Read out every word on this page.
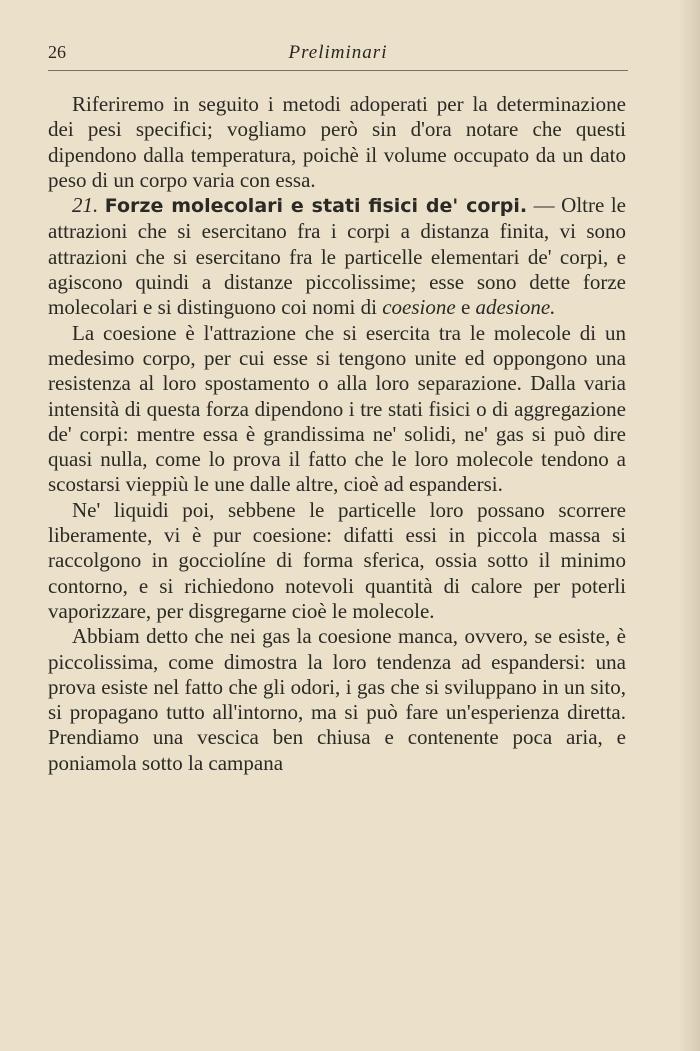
26	Preliminari

Riferiremo in seguito i metodi adoperati per la determinazione dei pesi specifici; vogliamo però sin d'ora notare che questi dipendono dalla temperatura, poichè il volume occupato da un dato peso di un corpo varia con essa.

21. Forze molecolari e stati fisici de' corpi. — Oltre le attrazioni che si esercitano fra i corpi a distanza finita, vi sono attrazioni che si esercitano fra le particelle elementari de' corpi, e agiscono quindi a distanze piccolissime; esse sono dette forze molecolari e si distinguono coi nomi di coesione e adesione.

La coesione è l'attrazione che si esercita tra le molecole di un medesimo corpo, per cui esse si tengono unite ed oppongono una resistenza al loro spostamento o alla loro separazione. Dalla varia intensità di questa forza dipendono i tre stati fisici o di aggregazione de' corpi: mentre essa è grandissima ne' solidi, ne' gas si può dire quasi nulla, come lo prova il fatto che le loro molecole tendono a scostarsi vieppiù le une dalle altre, cioè ad espandersi.

Ne' liquidi poi, sebbene le particelle loro possano scorrere liberamente, vi è pur coesione: difatti essi in piccola massa si raccolgono in gocciolíne di forma sferica, ossia sotto il minimo contorno, e si richiedono notevoli quantità di calore per poterli vaporizzare, per disgregarne cioè le molecole.

Abbiam detto che nei gas la coesione manca, ovvero, se esiste, è piccolissima, come dimostra la loro tendenza ad espandersi: una prova esiste nel fatto che gli odori, i gas che si sviluppano in un sito, si propagano tutto all'intorno, ma si può fare un'esperienza diretta. Prendiamo una vescica ben chiusa e contenente poca aria, e poniamola sotto la campana
